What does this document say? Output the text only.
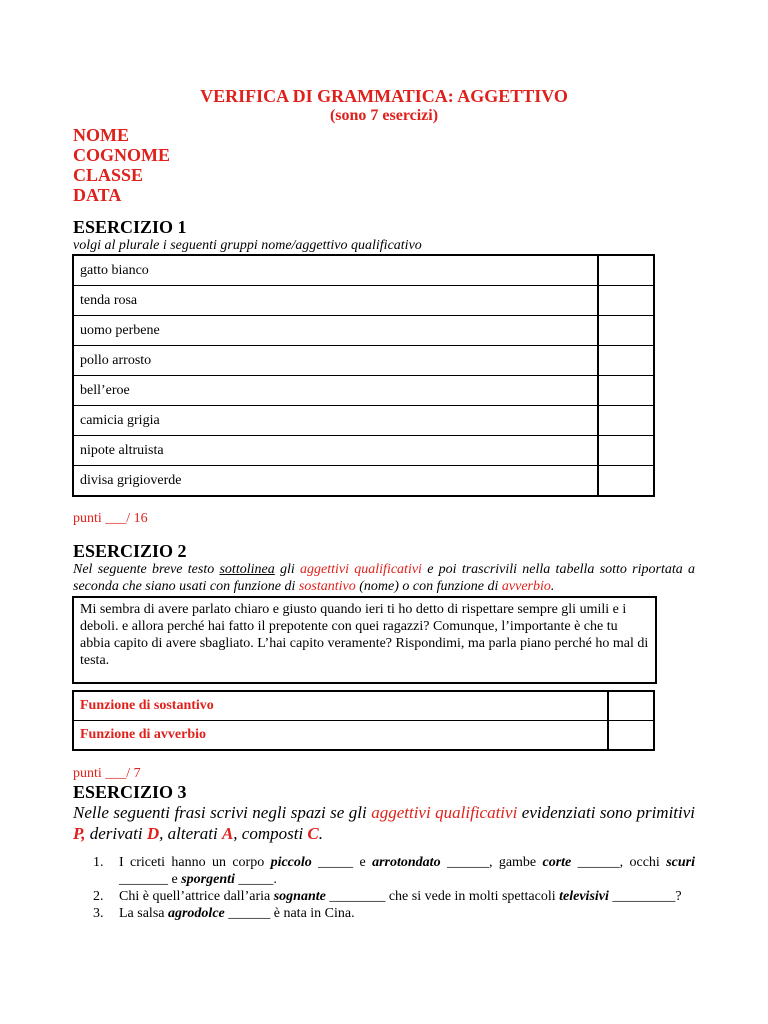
VERIFICA DI GRAMMATICA: AGGETTIVO
(sono 7 esercizi)
NOME
COGNOME
CLASSE
DATA
ESERCIZIO 1
volgi al plurale i seguenti gruppi nome/aggettivo qualificativo
gatto bianco	
tenda rosa	
uomo perbene	
pollo arrosto	
bell’eroe	
camicia grigia	
nipote altruista	
divisa grigioverde	
punti ___/ 16
ESERCIZIO 2
Nel seguente breve testo sottolinea gli aggettivi qualificativi e poi trascrivili nella tabella sotto riportata a seconda che siano usati con funzione di sostantivo (nome) o con funzione di avverbio.
Mi sembra di avere parlato chiaro e giusto quando ieri ti ho detto di rispettare sempre gli umili e i deboli. e allora perché hai fatto il prepotente con quei ragazzi? Comunque, l’importante è che tu abbia capito di avere sbagliato. L’hai capito veramente? Rispondimi, ma parla piano perché ho mal di testa.
Funzione di sostantivo	
Funzione di avverbio	
punti ___/ 7
ESERCIZIO 3
Nelle seguenti frasi scrivi negli spazi se gli aggettivi qualificativi evidenziati sono primitivi P, derivati D, alterati A, composti C.
1.	I criceti hanno un corpo piccolo _____ e arrotondato ______, gambe corte ______, occhi scuri _______ e sporgenti _____.
2.	Chi è quell’attrice dall’aria sognante ________ che si vede in molti spettacoli televisivi _________?
3.	La salsa agrodolce ______ è nata in Cina.
